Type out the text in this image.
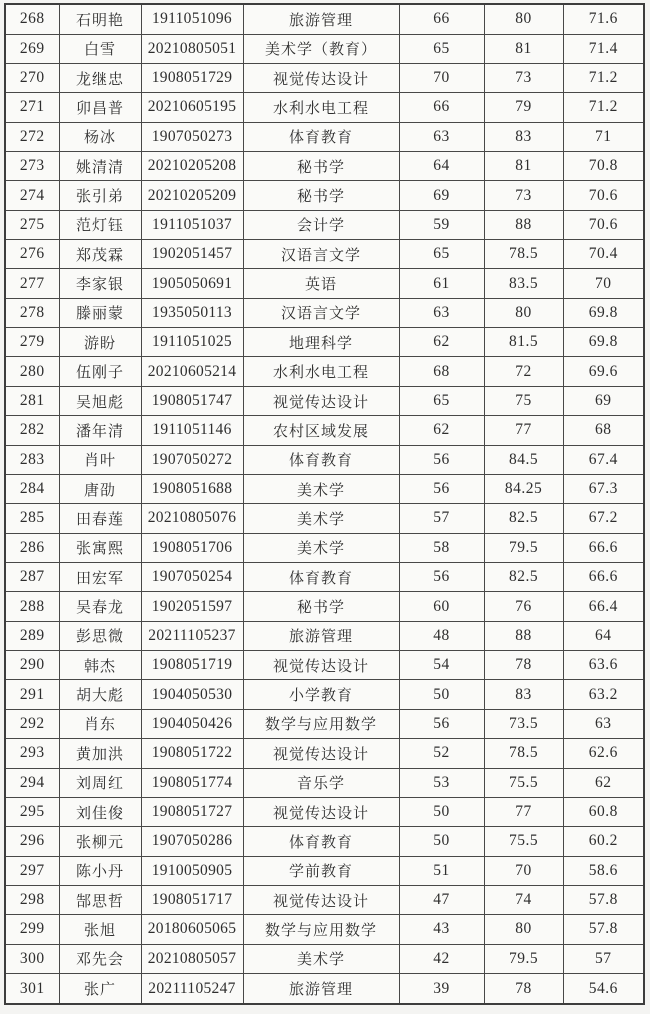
268	石明艳	1911051096	旅游管理	66	80	71.6
269	白雪	20210805051	美术学（教育）	65	81	71.4
270	龙继忠	1908051729	视觉传达设计	70	73	71.2
271	卯昌普	20210605195	水利水电工程	66	79	71.2
272	杨冰	1907050273	体育教育	63	83	71
273	姚清清	20210205208	秘书学	64	81	70.8
274	张引弟	20210205209	秘书学	69	73	70.6
275	范灯钰	1911051037	会计学	59	88	70.6
276	郑茂霖	1902051457	汉语言文学	65	78.5	70.4
277	李家银	1905050691	英语	61	83.5	70
278	滕丽蒙	1935050113	汉语言文学	63	80	69.8
279	游盼	1911051025	地理科学	62	81.5	69.8
280	伍刚子	20210605214	水利水电工程	68	72	69.6
281	吴旭彪	1908051747	视觉传达设计	65	75	69
282	潘年清	1911051146	农村区域发展	62	77	68
283	肖叶	1907050272	体育教育	56	84.5	67.4
284	唐劭	1908051688	美术学	56	84.25	67.3
285	田春莲	20210805076	美术学	57	82.5	67.2
286	张寓熙	1908051706	美术学	58	79.5	66.6
287	田宏军	1907050254	体育教育	56	82.5	66.6
288	吴春龙	1902051597	秘书学	60	76	66.4
289	彭思微	20211105237	旅游管理	48	88	64
290	韩杰	1908051719	视觉传达设计	54	78	63.6
291	胡大彪	1904050530	小学教育	50	83	63.2
292	肖东	1904050426	数学与应用数学	56	73.5	63
293	黄加洪	1908051722	视觉传达设计	52	78.5	62.6
294	刘周红	1908051774	音乐学	53	75.5	62
295	刘佳俊	1908051727	视觉传达设计	50	77	60.8
296	张柳元	1907050286	体育教育	50	75.5	60.2
297	陈小丹	1910050905	学前教育	51	70	58.6
298	郜思哲	1908051717	视觉传达设计	47	74	57.8
299	张旭	20180605065	数学与应用数学	43	80	57.8
300	邓先会	20210805057	美术学	42	79.5	57
301	张广	20211105247	旅游管理	39	78	54.6
